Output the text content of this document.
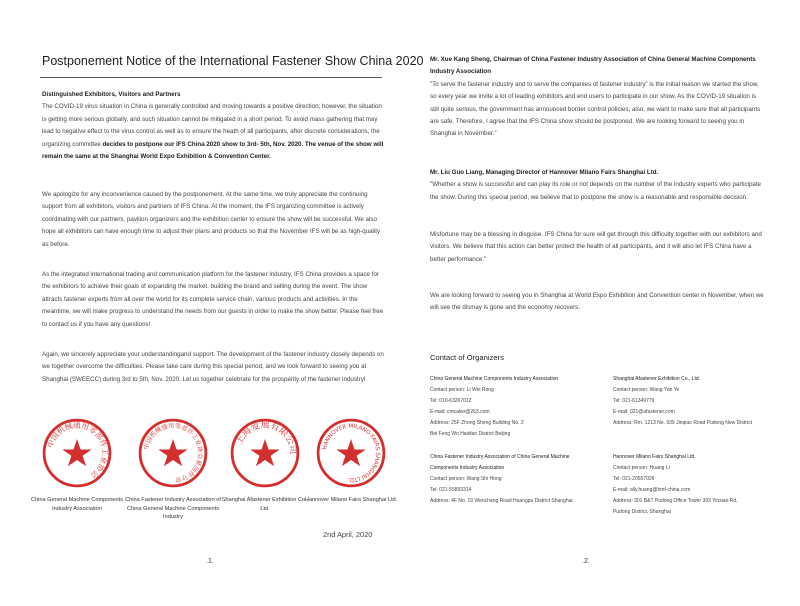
Postponement Notice of the International Fastener Show China 2020

Distinguished Exhibitors, Visitors and Partners
The COVID-19 virus situation in China is generally controlled and moving towards a positive direction; however, the situation is getting more serious globally, and such situation cannot be mitigated in a short period. To avoid mass gathering that may lead to negative effect to the virus control as well as to ensure the heath of all participants, after discrete considerations, the organizing committee decides to postpone our IFS China 2020 show to 3rd- 5th, Nov. 2020. The venue of the show will remain the same at the Shanghai World Expo Exhibition & Convention Center.

We apologize for any inconvenience caused by the postponement. At the same time, we truly appreciate the continuing support from all exhibitors, visitors and partners of IFS China. At the moment, the IFS organizing committee is actively coordinating with our partners, pavilion organizers and the exhibition center to ensure the show will be successful. We also hope all exhibitors can have enough time to adjust their plans and products so that the November IFS will be as high-quality as before.

As the integrated international trading and communication platform for the fastener industry, IFS China provides a space for the exhibitors to achieve their goals of expanding the market, building the brand and selling during the event. The show attracts fastener experts from all over the world for its complete service chain, various products and activities. In the meantime, we will make progress to understand the needs from our guests in order to make the show better. Please feel free to contact us if you have any questions!

Again, we sincerely appreciate your understandingand support. The development of the fastener industry closely depends on we together overcome the difficulties. Please take care during this special period, and we look forward to seeing you at Shanghai (SWEECC) during 3rd to 5th, Nov. 2020. Let us together celebrate for the prosperity of the fastener industry!

中国机械通用零部件工业协会
China General Machine Components Industry Association
中国机械通用零部件工业协会紧固件分会
China Fastener Industry Association of China General Machine Components Industry
上海爱展有限公司
Shanghai Afastener Exhibition Co., Ltd.
HANNOVER MILANO FAIRS SHANGHAI LTD.
Hannover Milano Fairs Shanghai Ltd.
2nd April, 2020
.1.

Mr. Xue Kang Sheng, Chairman of China Fastener Industry Association of China General Machine Components Industry Association
"To serve the fastener industry and to serve the companies of fastener industry" is the initial reason we started the show, so every year we invite a lot of leading exhibitors and end users to participate in our show. As the COVID-19 situation is still quite serious, the government has announced border control policies; also, we want to make sure that all participants are safe. Therefore, I agree that the IFS China show should be postponed. We are looking forward to seeing you in Shanghai in November."

Mr. Liu Guo Liang, Managing Director of Hannover Milano Fairs Shanghai Ltd.
"Whether a show is successful and can play its role or not depends on the number of the industry experts who participate the show. During this special period, we believe that to postpone the show is a reasonable and responsible decision.

Misfortune may be a blessing in disguise. IFS China for sure will get through this difficulty together with our exhibitors and visitors. We believe that this action can better protect the health of all participants, and it will also let IFS China have a better performance."

We are looking forward to seeing you in Shanghai at World Expo Exhibition and Convention center in November, when we will see the dismay is gone and the economy recovers.

Contact of Organizers
China General Machine Components Industry Association
Contact person: Li Wei Rong
Tel: 010-63267012
E-mail: cmcalwr@263.com
Address: 25F Zhong Sheng Building No. 2
Bei Feng Wo Haidian District Beijing
Shanghai Afastener Exhibition Co., Ltd.
Contact person: Wang Yan Ye
Tel: 021-61349779
E-mail: 021@afastener.com
Address: Rm. 1213 No. 939 Jinqiao Road Pudong New District
China Fastener Industry Association of China General Machine Components Industry Association
Contact person: Wang Shi Hong
Tel: 021-55893314
Address: 4F No. 19 Wenchang Road Huangpu District Shanghai
Hannover Milano Fairs Shanghai Ltd.
Contact person: Huang Li
Tel: 021-20557026
E-mail: ally.huang@hmf-china.com
Address: 301 B&T Pudong Office Tower 393 Yinxiao Rd,
Pudong District, Shanghai
.2.
